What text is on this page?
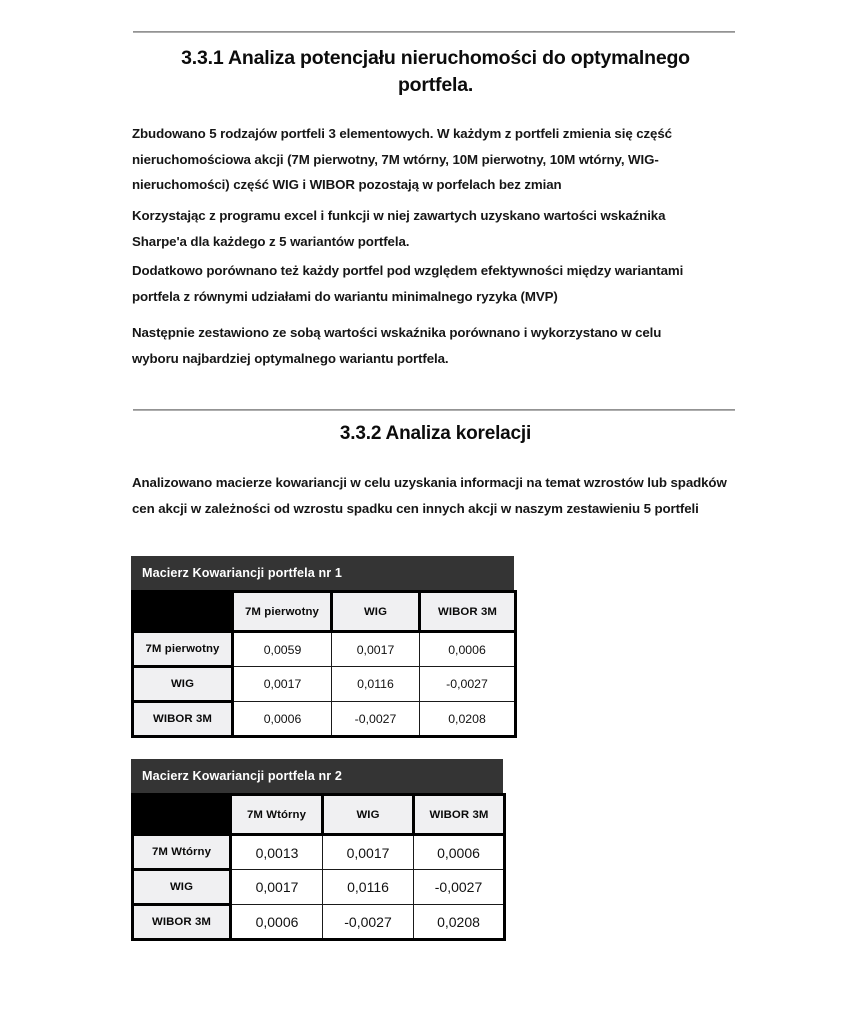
3.3.1 Analiza potencjału nieruchomości do optymalnego portfela.
Zbudowano 5 rodzajów portfeli 3 elementowych. W każdym z portfeli zmienia się część nieruchomościowa akcji (7M pierwotny, 7M wtórny, 10M pierwotny, 10M wtórny, WIG-nieruchomości) część WIG i WIBOR pozostają w porfelach bez zmian
Korzystając z programu excel i funkcji w niej zawartych uzyskano wartości wskaźnika Sharpe'a dla każdego z 5 wariantów portfela.
Dodatkowo porównano też każdy portfel pod względem efektywności między wariantami portfela z równymi udziałami do wariantu minimalnego ryzyka (MVP)
Następnie zestawiono ze sobą wartości wskaźnika porównano i wykorzystano w celu wyboru najbardziej optymalnego wariantu portfela.
3.3.2 Analiza korelacji
Analizowano macierze kowariancji w celu uzyskania informacji na temat wzrostów lub spadków cen akcji w zależności od wzrostu spadku cen innych akcji w naszym zestawieniu 5 portfeli
Macierz Kowariancji portfela nr 1
	7M pierwotny	WIG	WIBOR 3M
7M pierwotny	0,0059	0,0017	0,0006
WIG	0,0017	0,0116	-0,0027
WIBOR 3M	0,0006	-0,0027	0,0208
Macierz Kowariancji portfela nr 2
	7M Wtórny	WIG	WIBOR 3M
7M Wtórny	0,0013	0,0017	0,0006
WIG	0,0017	0,0116	-0,0027
WIBOR 3M	0,0006	-0,0027	0,0208
